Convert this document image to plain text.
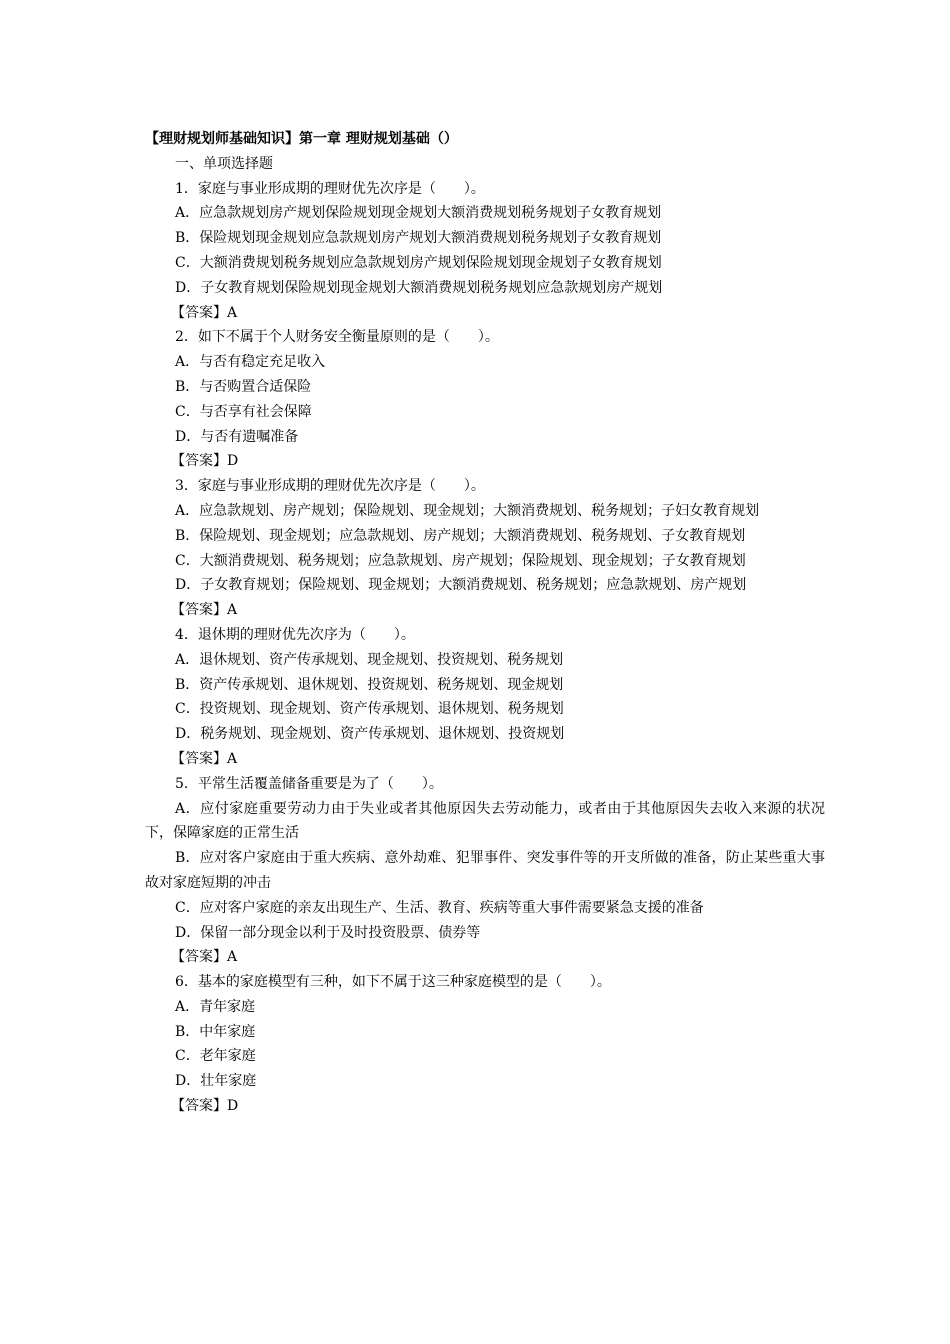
【理财规划师基础知识】第一章 理财规划基础（）
一、单项选择题
1．家庭与事业形成期的理财优先次序是（　　）。
A．应急款规划房产规划保险规划现金规划大额消费规划税务规划子女教育规划
B．保险规划现金规划应急款规划房产规划大额消费规划税务规划子女教育规划
C．大额消费规划税务规划应急款规划房产规划保险规划现金规划子女教育规划
D．子女教育规划保险规划现金规划大额消费规划税务规划应急款规划房产规划
【答案】A
2．如下不属于个人财务安全衡量原则的是（　　）。
A．与否有稳定充足收入
B．与否购置合适保险
C．与否享有社会保障
D．与否有遗嘱准备
【答案】D
3．家庭与事业形成期的理财优先次序是（　　）。
A．应急款规划、房产规划；保险规划、现金规划；大额消费规划、税务规划；子妇女教育规划
B．保险规划、现金规划；应急款规划、房产规划；大额消费规划、税务规划、子女教育规划
C．大额消费规划、税务规划；应急款规划、房产规划；保险规划、现金规划；子女教育规划
D．子女教育规划；保险规划、现金规划；大额消费规划、税务规划；应急款规划、房产规划
【答案】A
4．退休期的理财优先次序为（　　）。
A．退休规划、资产传承规划、现金规划、投资规划、税务规划
B．资产传承规划、退休规划、投资规划、税务规划、现金规划
C．投资规划、现金规划、资产传承规划、退休规划、税务规划
D．税务规划、现金规划、资产传承规划、退休规划、投资规划
【答案】A
5．平常生活覆盖储备重要是为了（　　）。
A．应付家庭重要劳动力由于失业或者其他原因失去劳动能力，或者由于其他原因失去收入来源的状况下，保障家庭的正常生活
B．应对客户家庭由于重大疾病、意外劫难、犯罪事件、突发事件等的开支所做的准备，防止某些重大事故对家庭短期的冲击
C．应对客户家庭的亲友出现生产、生活、教育、疾病等重大事件需要紧急支援的准备
D．保留一部分现金以利于及时投资股票、债券等
【答案】A
6．基本的家庭模型有三种，如下不属于这三种家庭模型的是（　　）。
A．青年家庭
B．中年家庭
C．老年家庭
D．壮年家庭
【答案】D
